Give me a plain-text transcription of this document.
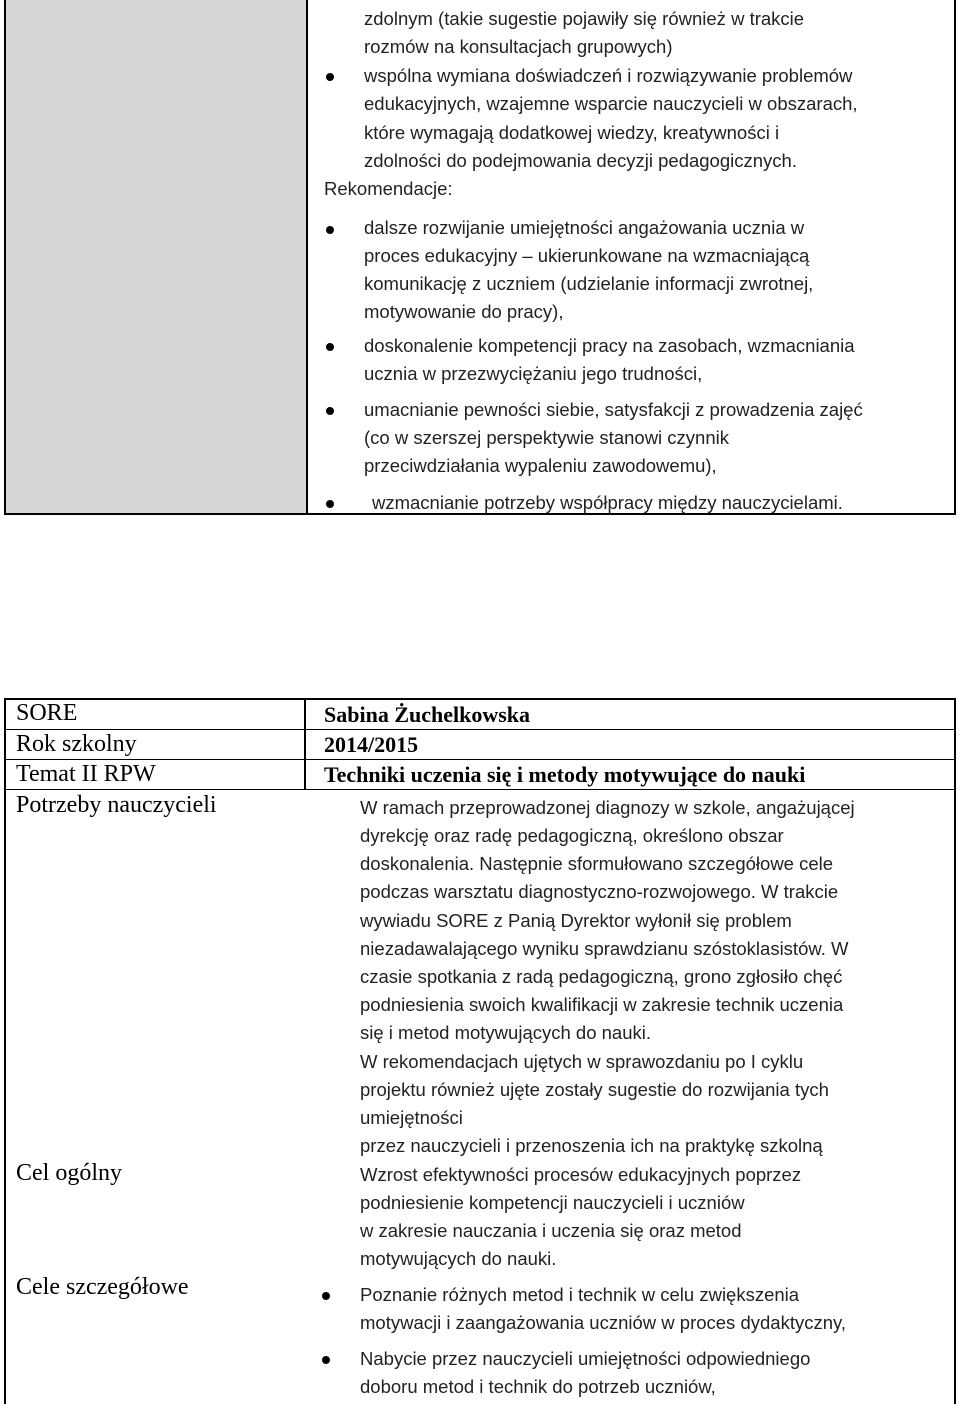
zdolnym (takie sugestie pojawiły się również w trakcie
rozmów na konsultacjach grupowych)
wspólna wymiana doświadczeń i rozwiązywanie problemów
edukacyjnych, wzajemne wsparcie nauczycieli w obszarach,
które wymagają dodatkowej wiedzy, kreatywności i
zdolności do podejmowania decyzji pedagogicznych.
Rekomendacje:
dalsze rozwijanie umiejętności angażowania ucznia w
proces edukacyjny – ukierunkowane na wzmacniającą
komunikację z uczniem (udzielanie informacji zwrotnej,
motywowanie do pracy),
doskonalenie kompetencji pracy na zasobach, wzmacniania
ucznia w przezwyciężaniu jego trudności,
umacnianie pewności siebie, satysfakcji z prowadzenia zajęć
(co w szerszej perspektywie stanowi czynnik
przeciwdziałania wypaleniu zawodowemu),
wzmacnianie potrzeby współpracy między nauczycielami.
SORE	Sabina Żuchelkowska
Rok szkolny	2014/2015
Temat II RPW	Techniki uczenia się i metody motywujące do nauki
Potrzeby nauczycieli	W ramach przeprowadzonej diagnozy w szkole, angażującej
dyrekcję oraz radę pedagogiczną, określono obszar
doskonalenia. Następnie sformułowano szczegółowe cele
podczas warsztatu diagnostyczno-rozwojowego. W trakcie
wywiadu SORE z Panią Dyrektor wyłonił się problem
niezadawalającego wyniku sprawdzianu szóstoklasistów. W
czasie spotkania z radą pedagogiczną, grono zgłosiło chęć
podniesienia swoich kwalifikacji w zakresie technik uczenia
się i metod motywujących do nauki.
W rekomendacjach ujętych w sprawozdaniu po I cyklu
projektu również ujęte zostały sugestie do rozwijania tych
umiejętności
przez nauczycieli i przenoszenia ich na praktykę szkolną
Cel ogólny	Wzrost efektywności procesów edukacyjnych poprzez
podniesienie kompetencji nauczycieli i uczniów
w zakresie nauczania i uczenia się oraz metod
motywujących do nauki.
Cele szczegółowe	Poznanie różnych metod i technik w celu zwiększenia
motywacji i zaangażowania uczniów w proces dydaktyczny,
Nabycie przez nauczycieli umiejętności odpowiedniego
doboru metod i technik do potrzeb uczniów,
